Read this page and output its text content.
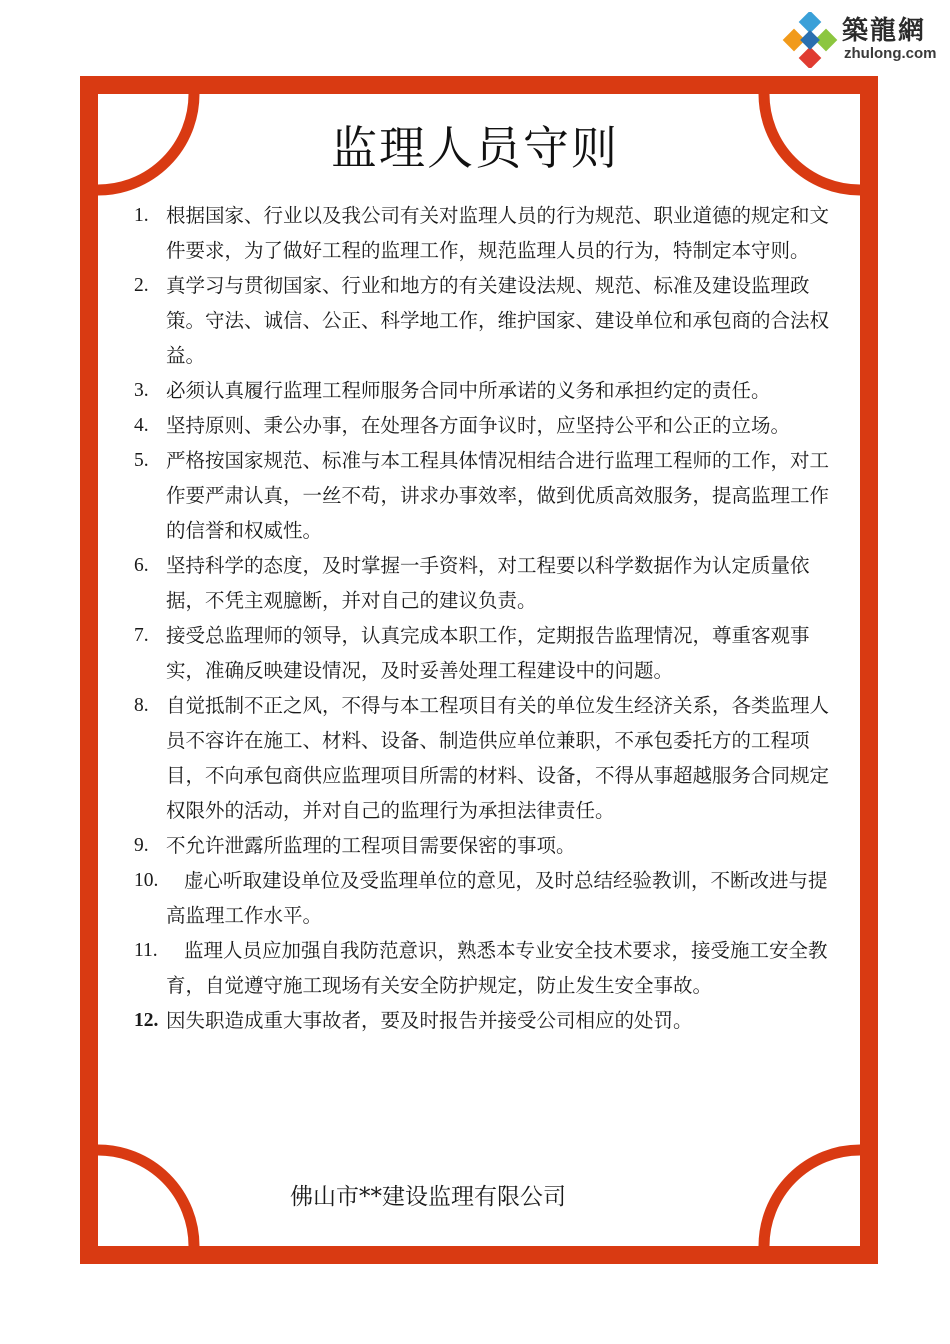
築龍網
zhulong.com
监理人员守则
1. 根据国家、行业以及我公司有关对监理人员的行为规范、职业道德的规定和文件要求，为了做好工程的监理工作，规范监理人员的行为，特制定本守则。
2. 真学习与贯彻国家、行业和地方的有关建设法规、规范、标准及建设监理政策。守法、诚信、公正、科学地工作，维护国家、建设单位和承包商的合法权益。
3. 必须认真履行监理工程师服务合同中所承诺的义务和承担约定的责任。
4. 坚持原则、秉公办事，在处理各方面争议时，应坚持公平和公正的立场。
5. 严格按国家规范、标准与本工程具体情况相结合进行监理工程师的工作，对工作要严肃认真，一丝不苟，讲求办事效率，做到优质高效服务，提高监理工作的信誉和权威性。
6. 坚持科学的态度，及时掌握一手资料，对工程要以科学数据作为认定质量依据，不凭主观臆断，并对自己的建议负责。
7. 接受总监理师的领导，认真完成本职工作，定期报告监理情况，尊重客观事实，准确反映建设情况，及时妥善处理工程建设中的问题。
8. 自觉抵制不正之风，不得与本工程项目有关的单位发生经济关系，各类监理人员不容许在施工、材料、设备、制造供应单位兼职，不承包委托方的工程项目，不向承包商供应监理项目所需的材料、设备，不得从事超越服务合同规定权限外的活动，并对自己的监理行为承担法律责任。
9. 不允许泄露所监理的工程项目需要保密的事项。
10.	虚心听取建设单位及受监理单位的意见，及时总结经验教训，不断改进与提高监理工作水平。
11.	监理人员应加强自我防范意识，熟悉本专业安全技术要求，接受施工安全教育，自觉遵守施工现场有关安全防护规定，防止发生安全事故。
12. 因失职造成重大事故者，要及时报告并接受公司相应的处罚。
佛山市**建设监理有限公司
